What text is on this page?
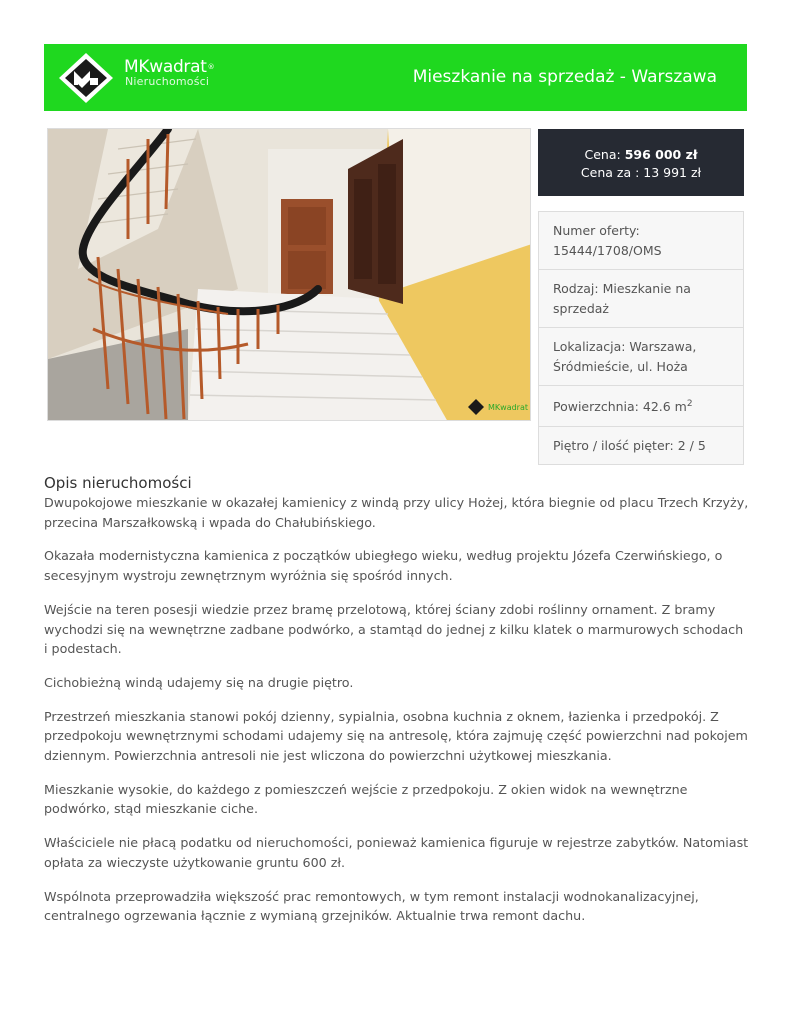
MKwadrat®
Nieruchomości	Mieszkanie na sprzedaż - Warszawa
MKwadrat
Cena: 596 000 zł
Cena za : 13 991 zł
Numer oferty: 15444/1708/OMS
Rodzaj: Mieszkanie na sprzedaż
Lokalizacja: Warszawa, Śródmieście, ul. Hoża
Powierzchnia: 42.6 $m^2$
Piętro / ilość pięter: 2 / 5
Opis nieruchomości

Dwupokojowe mieszkanie w okazałej kamienicy z windą przy ulicy Hożej, która biegnie od placu Trzech Krzyży, przecina Marszałkowską i wpada do Chałubińskiego.

Okazała modernistyczna kamienica z początków ubiegłego wieku, według projektu Józefa Czerwińskiego, o secesyjnym wystroju zewnętrznym wyróżnia się spośród innych.

Wejście na teren posesji wiedzie przez bramę przelotową, której ściany zdobi roślinny ornament. Z bramy wychodzi się na wewnętrzne zadbane podwórko, a stamtąd do jednej z kilku klatek o marmurowych schodach i podestach.

Cichobieżną windą udajemy się na drugie piętro.

Przestrzeń mieszkania stanowi pokój dzienny, sypialnia, osobna kuchnia z oknem, łazienka i przedpokój. Z przedpokoju wewnętrznymi schodami udajemy się na antresolę, która zajmuję część powierzchni nad pokojem dziennym. Powierzchnia antresoli nie jest wliczona do powierzchni użytkowej mieszkania.

Mieszkanie wysokie, do każdego z pomieszczeń wejście z przedpokoju. Z okien widok na wewnętrzne podwórko, stąd mieszkanie ciche.

Właściciele nie płacą podatku od nieruchomości, ponieważ kamienica figuruje w rejestrze zabytków. Natomiast opłata za wieczyste użytkowanie gruntu 600 zł.

Wspólnota przeprowadziła większość prac remontowych, w tym remont instalacji wodnokanalizacyjnej, centralnego ogrzewania łącznie z wymianą grzejników. Aktualnie trwa remont dachu.
